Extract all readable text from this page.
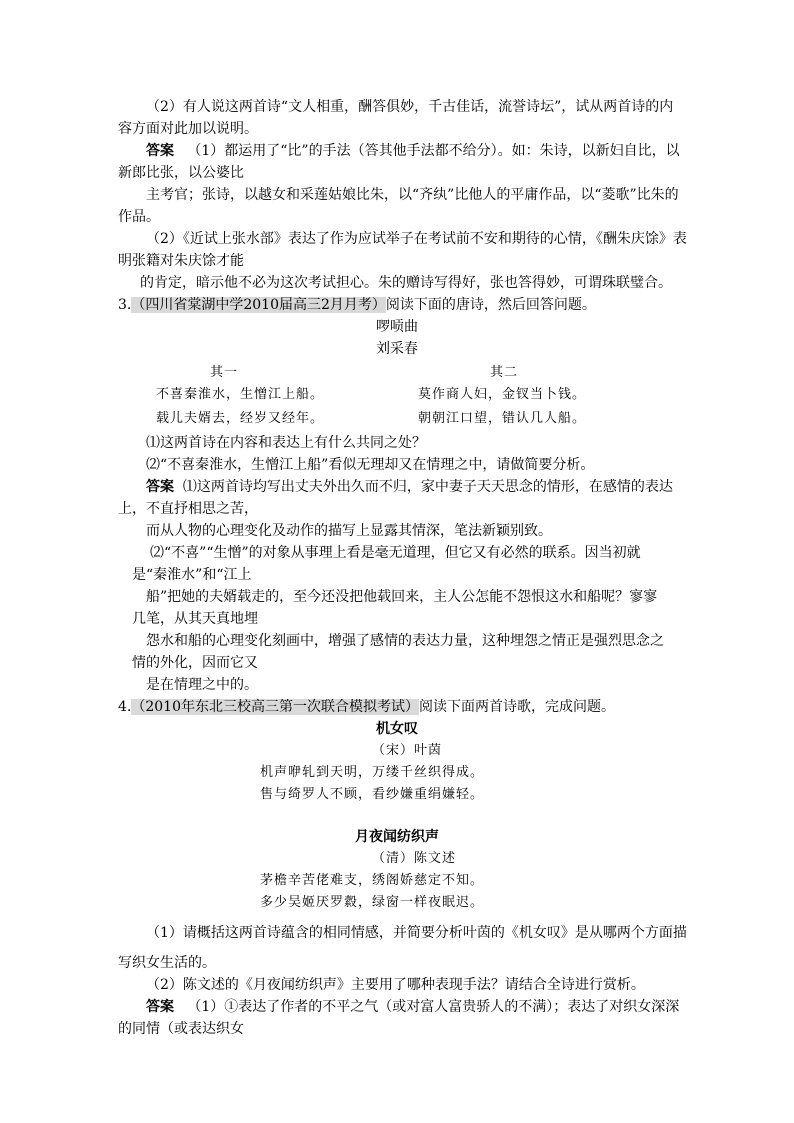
（2）有人说这两首诗“文人相重，酬答俱妙，千古佳话，流誉诗坛”，试从两首诗的内
容方面对此加以说明。
答案 （1）都运用了“比”的手法（答其他手法都不给分）。如：朱诗，以新妇自比，以
新郎比张，以公婆比
主考官；张诗，以越女和采莲姑娘比朱，以“齐纨”比他人的平庸作品，以“菱歌”比朱的
作品。
（2）《近试上张水部》表达了作为应试举子在考试前不安和期待的心情，《酬朱庆馀》表
明张籍对朱庆馀才能
的肯定，暗示他不必为这次考试担心。朱的赠诗写得好，张也答得妙，可谓珠联璧合。
3.（四川省棠湖中学2010届高三2月月考）阅读下面的唐诗，然后回答问题。
啰唝曲
刘采春
其一	其二
不喜秦淮水，生憎江上船。	莫作商人妇，金钗当卜钱。
载儿夫婿去，经岁又经年。	朝朝江口望，错认几人船。
⑴这两首诗在内容和表达上有什么共同之处？
⑵“不喜秦淮水，生憎江上船”看似无理却又在情理之中，请做简要分析。
答案 ⑴这两首诗均写出丈夫外出久而不归，家中妻子天天思念的情形，在感情的表达
上，不直抒相思之苦，
而从人物的心理变化及动作的描写上显露其情深，笔法新颖别致。
⑵“不喜”“生憎”的对象从事理上看是毫无道理，但它又有必然的联系。因当初就
是“秦淮水”和“江上
船”把她的夫婿载走的，至今还没把他载回来，主人公怎能不怨恨这水和船呢？寥寥
几笔，从其天真地埋
怨水和船的心理变化刻画中，增强了感情的表达力量，这种埋怨之情正是强烈思念之
情的外化，因而它又
是在情理之中的。
4.（2010年东北三校高三第一次联合模拟考试）阅读下面两首诗歌，完成问题。
机女叹
（宋）叶茵
机声咿轧到天明，万缕千丝织得成。
售与绮罗人不顾，看纱嫌重绢嫌轻。
月夜闻纺织声
（清）陈文述
茅檐辛苦佬难支，绣阁娇慈定不知。
多少吴姬厌罗縠，绿窗一样夜眠迟。
（1）请概括这两首诗蕴含的相同情感，并简要分析叶茵的《机女叹》是从哪两个方面描
写织女生活的。
（2）陈文述的《月夜闻纺织声》主要用了哪种表现手法？请结合全诗进行赏析。
答案 （1）①表达了作者的不平之气（或对富人富贵骄人的不满）；表达了对织女深深
的同情（或表达织女
